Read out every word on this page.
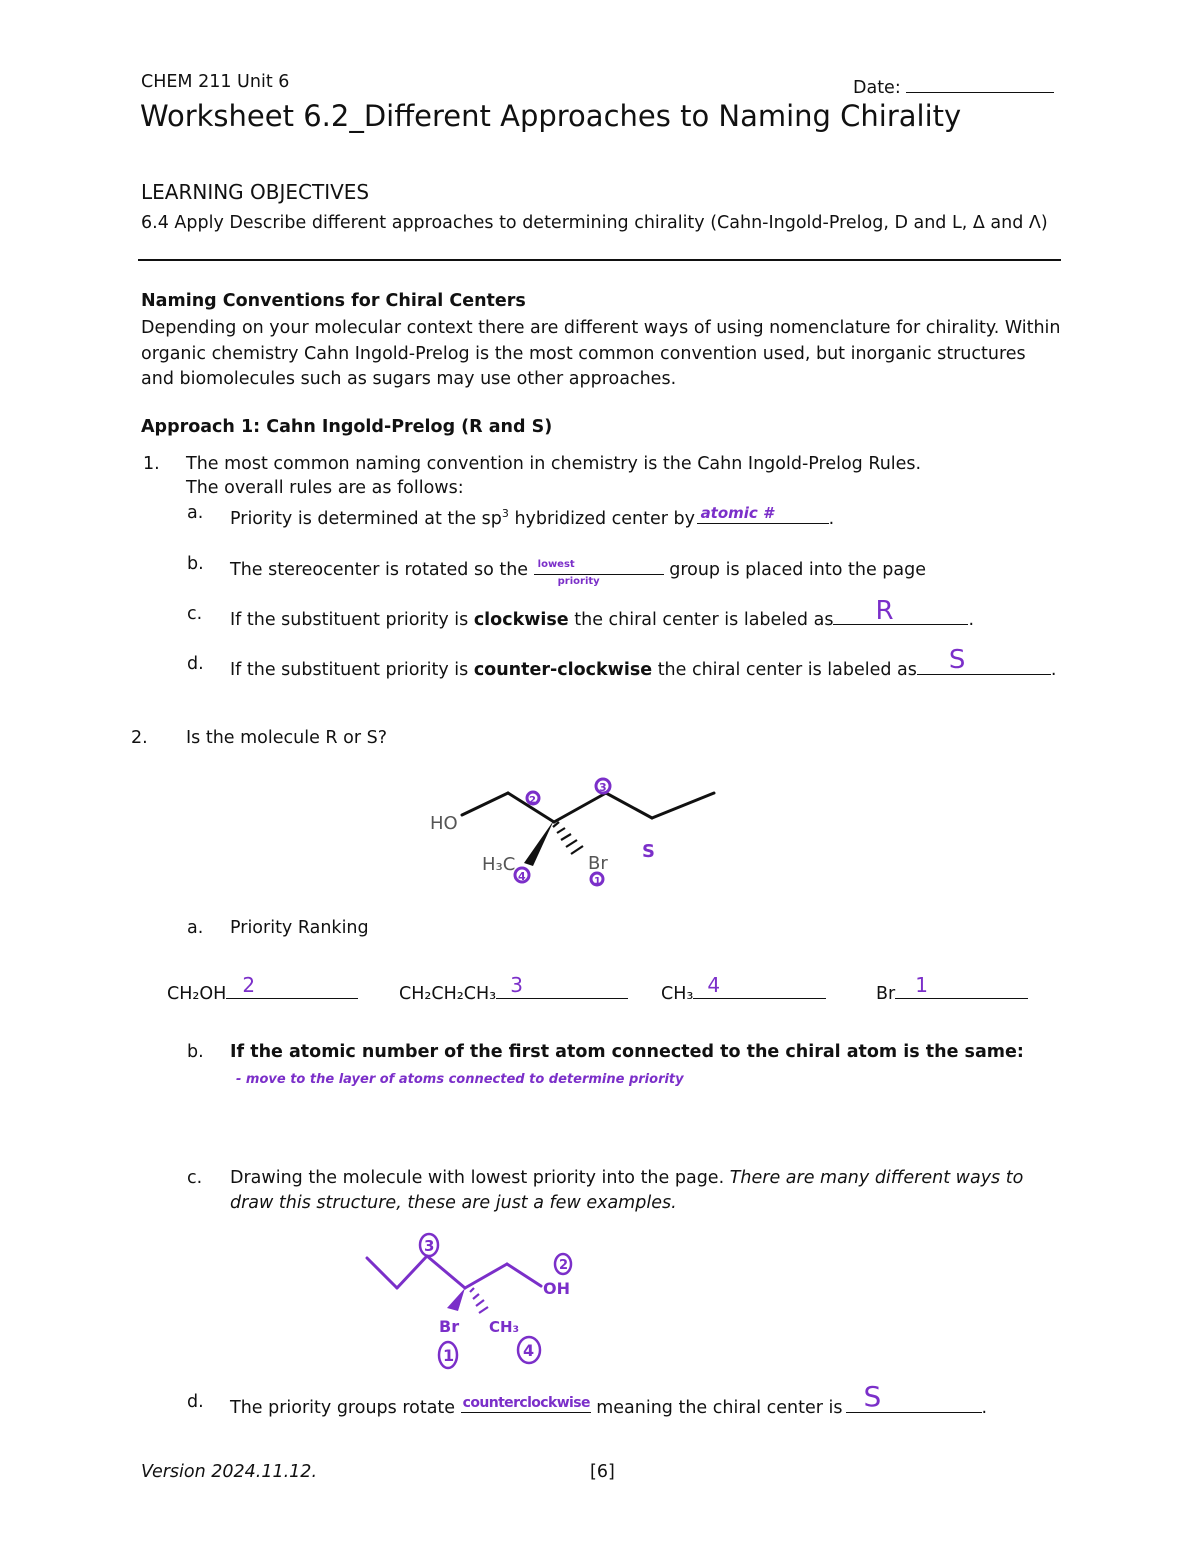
CHEM 211 Unit 6	Date:
Worksheet 6.2_Different Approaches to Naming Chirality
LEARNING OBJECTIVES
6.4 Apply Describe different approaches to determining chirality (Cahn-Ingold-Prelog, D and L, Δ and Λ)
Naming Conventions for Chiral Centers
Depending on your molecular context there are different ways of using nomenclature for chirality. Within
organic chemistry Cahn Ingold-Prelog is the most common convention used, but inorganic structures
and biomolecules such as sugars may use other approaches.
Approach 1: Cahn Ingold-Prelog (R and S)
1. The most common naming convention in chemistry is the Cahn Ingold-Prelog Rules.
The overall rules are as follows:
a. Priority is determined at the $sp^3$ hybridized center by atomic #	.
b. The stereocenter is rotated so the lowest
priority
group is placed into the page
c. If the substituent priority is clockwise the chiral center is labeled as R	.
d. If the substituent priority is counter-clockwise the chiral center is labeled as S	.
2. Is the molecule R or S?
HO
H₃C	Br
2
3
4	1
S
a. Priority Ranking
CH₂OH 2	CH₂CH₂CH₃ 3	CH₃ 4	Br 1
b. If the atomic number of the first atom connected to the chiral atom is the same:
- move to the layer of atoms connected to determine priority
c. Drawing the molecule with lowest priority into the page. There are many different ways to
draw this structure, these are just a few examples.
3
2
1	4
OH
Br CH₃
d. The priority groups rotate counterclockwise meaning the chiral center is S	.
Version 2024.11.12.	[6]
